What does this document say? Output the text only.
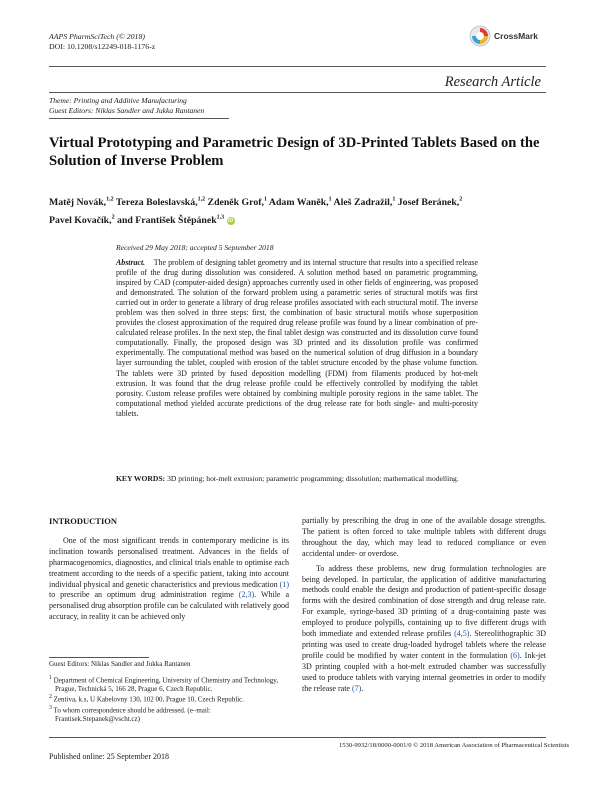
AAPS PharmSciTech (© 2018)
DOI: 10.1208/s12249-018-1176-z
CrossMark
Research Article
Theme: Printing and Additive Manufacturing
Guest Editors: Niklas Sandler and Jukka Rantanen
Virtual Prototyping and Parametric Design of 3D-Printed Tablets Based on the Solution of Inverse Problem
Matěj Novák,$^{1,2}$ Tereza Boleslavská,$^{1,2}$ Zdeněk Grof,$^1$ Adam Waněk,$^1$ Aleš Zadražil,$^1$ Josef Beránek,$^2$
Pavel Kovačík,$^2$ and František Štěpánek$^{1,3}$ iD
Received 29 May 2018; accepted 5 September 2018
Abstract. The problem of designing tablet geometry and its internal structure that results into a specified release profile of the drug during dissolution was considered. A solution method based on parametric programming, inspired by CAD (computer-aided design) approaches currently used in other fields of engineering, was proposed and demonstrated. The solution of the forward problem using a parametric series of structural motifs was first carried out in order to generate a library of drug release profiles associated with each structural motif. The inverse problem was then solved in three steps: first, the combination of basic structural motifs whose superposition provides the closest approximation of the required drug release profile was found by a linear combination of pre-calculated release profiles. In the next step, the final tablet design was constructed and its dissolution curve found computationally. Finally, the proposed design was 3D printed and its dissolution profile was confirmed experimentally. The computational method was based on the numerical solution of drug diffusion in a boundary layer surrounding the tablet, coupled with erosion of the tablet structure encoded by the phase volume function. The tablets were 3D printed by fused deposition modelling (FDM) from filaments produced by hot-melt extrusion. It was found that the drug release profile could be effectively controlled by modifying the tablet porosity. Custom release profiles were obtained by combining multiple porosity regions in the same tablet. The computational method yielded accurate predictions of the drug release rate for both single- and multi-porosity tablets.
KEY WORDS: 3D printing; hot-melt extrusion; parametric programming; dissolution; mathematical modelling.
INTRODUCTION

One of the most significant trends in contemporary medicine is its inclination towards personalised treatment. Advances in the fields of pharmacogenomics, diagnostics, and clinical trials enable to optimise each treatment according to the needs of a specific patient, taking into account individual physical and genetic characteristics and previous medication (1) to prescribe an optimum drug administration regime (2,3). While a personalised drug absorption profile can be calculated with relatively good accuracy, in reality it can be achieved only

Guest Editors: Niklas Sandler and Jukka Rantanen
$^1$ Department of Chemical Engineering, University of Chemistry and Technology, Prague, Technická 5, 166 28, Prague 6, Czech Republic.
$^2$ Zentiva, k.s, U Kabelovny 130, 102 00, Prague 10, Czech Republic.
$^3$ To whom correspondence should be addressed. (e–mail: Frantisek.Stepanek@vscht.cz)

partially by prescribing the drug in one of the available dosage strengths. The patient is often forced to take multiple tablets with different drugs throughout the day, which may lead to reduced compliance or even accidental under- or overdose.

To address these problems, new drug formulation technologies are being developed. In particular, the application of additive manufacturing methods could enable the design and production of patient-specific dosage forms with the desired combination of dose strength and drug release rate. For example, syringe-based 3D printing of a drug-containing paste was employed to produce polypills, containing up to five different drugs with both immediate and extended release profiles (4,5). Stereolithographic 3D printing was used to create drug-loaded hydrogel tablets where the release profile could be modified by water content in the formulation (6). Ink-jet 3D printing coupled with a hot-melt extruded chamber was successfully used to produce tablets with varying internal geometries in order to modify the release rate (7).

1530-9932/18/0000-0001/0 © 2018 American Association of Pharmaceutical Scientists
Published online: 25 September 2018
